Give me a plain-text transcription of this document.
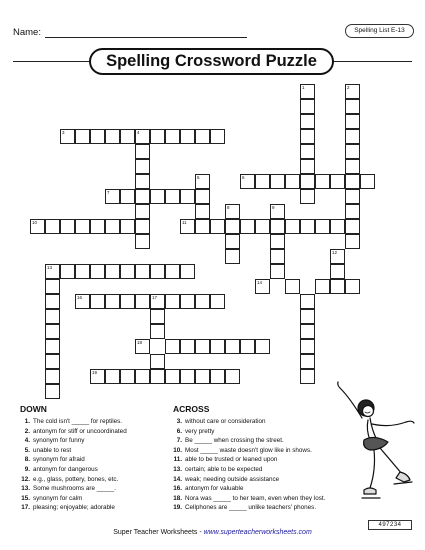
Name:	Spelling List E-13
Spelling Crossword Puzzle
1	2
3	4
5	6
7
8	9
10	11
12
13
14
16	17
18
19
DOWN
1. The cold isn't _____ for reptiles.
2. antonym for stiff or uncoordinated
4. synonym for funny
5. unable to rest
8. synonym for afraid
9. antonym for dangerous
12. e.g., glass, pottery, bones, etc.
13. Some mushrooms are _____.
15. synonym for calm
17. pleasing; enjoyable; adorable
ACROSS
3. without care or consideration
6. very pretty
7. Be _____ when crossing the street.
10. Most _____ waste doesn't glow like in shows.
11. able to be trusted or leaned upon
13. certain; able to be expected
14. weak; needing outside assistance
16. antonym for valuable
18. Nora was _____ to her team, even when they lost.
19. Cellphones are _____ unlike teachers' phones.
Super Teacher Worksheets - www.superteacherworksheets.com
497234
